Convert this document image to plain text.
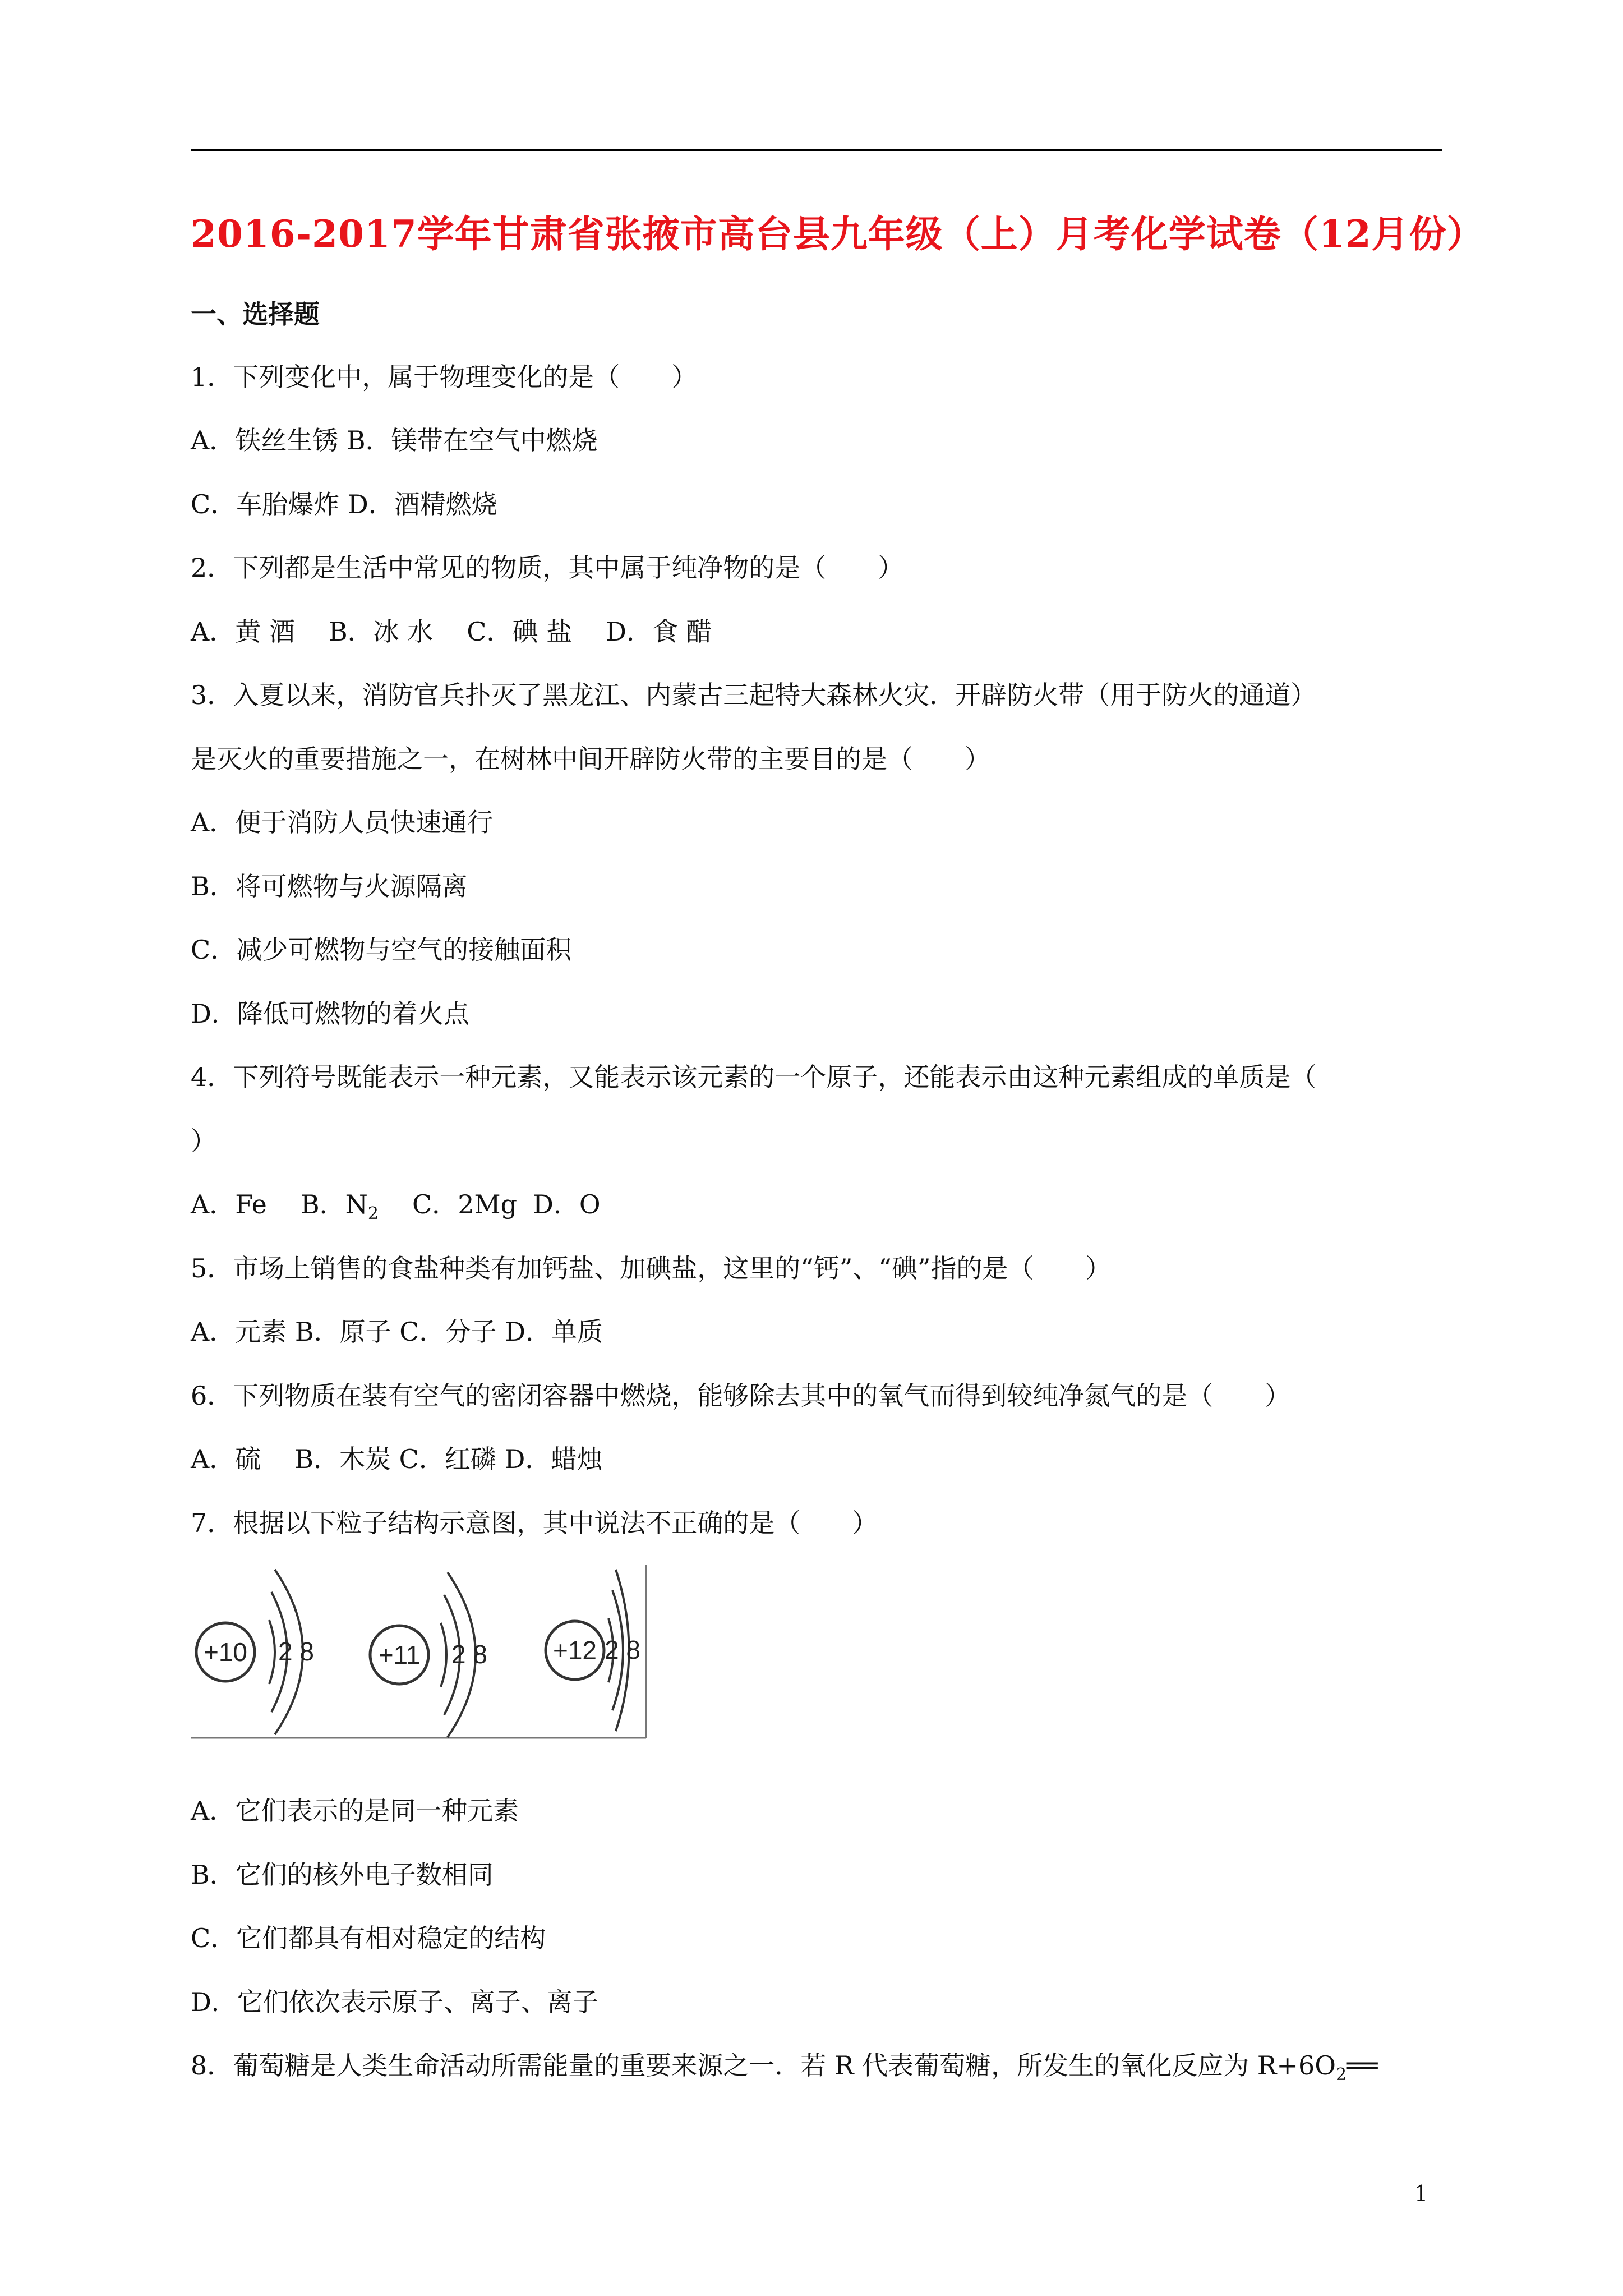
2016-2017学年甘肃省张掖市高台县九年级（上）月考化学试卷（12月份）
一、选择题
1．下列变化中，属于物理变化的是（　　）
A．铁丝生锈 B．镁带在空气中燃烧
C．车胎爆炸 D．酒精燃烧
2．下列都是生活中常见的物质，其中属于纯净物的是（　　）
A．黄 酒 B．冰 水 C．碘 盐 D．食 醋
3．入夏以来，消防官兵扑灭了黑龙江、内蒙古三起特大森林火灾．开辟防火带（用于防火的通道）
是灭火的重要措施之一，在树林中间开辟防火带的主要目的是（　　）
A．便于消防人员快速通行
B．将可燃物与火源隔离
C．减少可燃物与空气的接触面积
D．降低可燃物的着火点
4．下列符号既能表示一种元素，又能表示该元素的一个原子，还能表示由这种元素组成的单质是（
）
A．Fe B．$N_2$ C．2Mg D．O
5．市场上销售的食盐种类有加钙盐、加碘盐，这里的“钙”、“碘”指的是（　　）
A．元素 B．原子 C．分子 D．单质
6．下列物质在装有空气的密闭容器中燃烧，能够除去其中的氧气而得到较纯净氮气的是（　　）
A．硫 B．木炭 C．红磷 D．蜡烛
7．根据以下粒子结构示意图，其中说法不正确的是（　　）
+10 2 8 +11 2 8	+12 2 8
A．它们表示的是同一种元素
B．它们的核外电子数相同
C．它们都具有相对稳定的结构
D．它们依次表示原子、离子、离子
8．葡萄糖是人类生命活动所需能量的重要来源之一．若 R 代表葡萄糖，所发生的氧化反应为 $R+6O_2══$
1
